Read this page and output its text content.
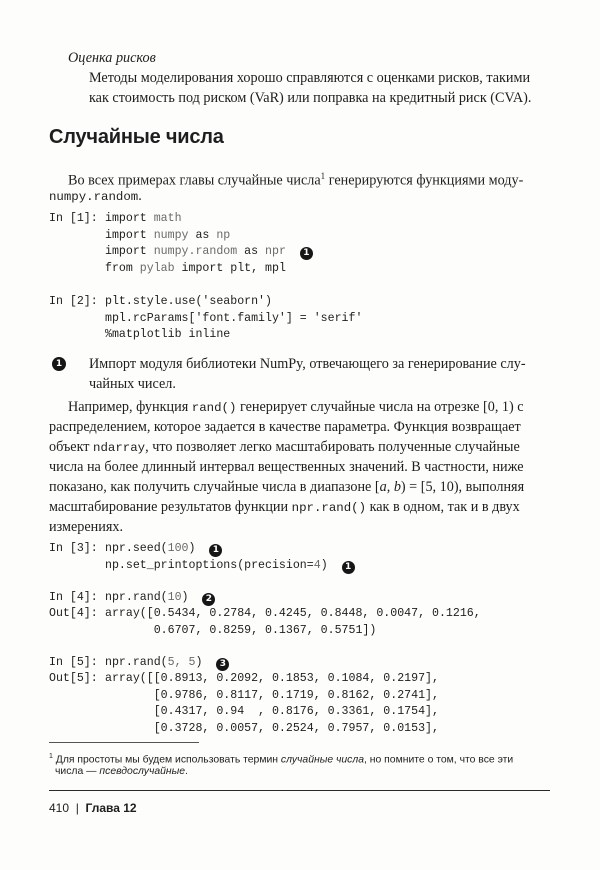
Оценка рисков
Методы моделирования хорошо справляются с оценками рисков, такими
как стоимость под риском (VaR) или поправка на кредитный риск (CVA).
Случайные числа
Во всех примерах главы случайные числа$^1$ генерируются функциями моду-
numpy.random.
In [1]: import math
import numpy as np
import numpy.random as npr 1
from pylab import plt, mpl
In [2]: plt.style.use('seaborn')
mpl.rcParams['font.family'] = 'serif'
%matplotlib inline
1 Импорт модуля библиотеки NumPy, отвечающего за генерирование слу-
чайных чисел.
Например, функция rand() генерирует случайные числа на отрезке [0, 1) с
распределением, которое задается в качестве параметра. Функция возвращает
объект ndarray, что позволяет легко масштабировать полученные случайные
числа на более длинный интервал вещественных значений. В частности, ниже
показано, как получить случайные числа в диапазоне [a, b) = [5, 10), выполняя
масштабирование результатов функции npr.rand() как в одном, так и в двух
измерениях.
In [3]: npr.seed(100) 1
np.set_printoptions(precision=4) 1
In [4]: npr.rand(10) 2
Out[4]: array([0.5434, 0.2784, 0.4245, 0.8448, 0.0047, 0.1216,
0.6707, 0.8259, 0.1367, 0.5751])
In [5]: npr.rand(5, 5) 3
Out[5]: array([[0.8913, 0.2092, 0.1853, 0.1084, 0.2197],
[0.9786, 0.8117, 0.1719, 0.8162, 0.2741],
[0.4317, 0.94  , 0.8176, 0.3361, 0.1754],
[0.3728, 0.0057, 0.2524, 0.7957, 0.0153],
$^1$ Для простоты мы будем использовать термин случайные числа, но помните о том, что все эти
числа — псевдослучайные.
410 | Глава 12
